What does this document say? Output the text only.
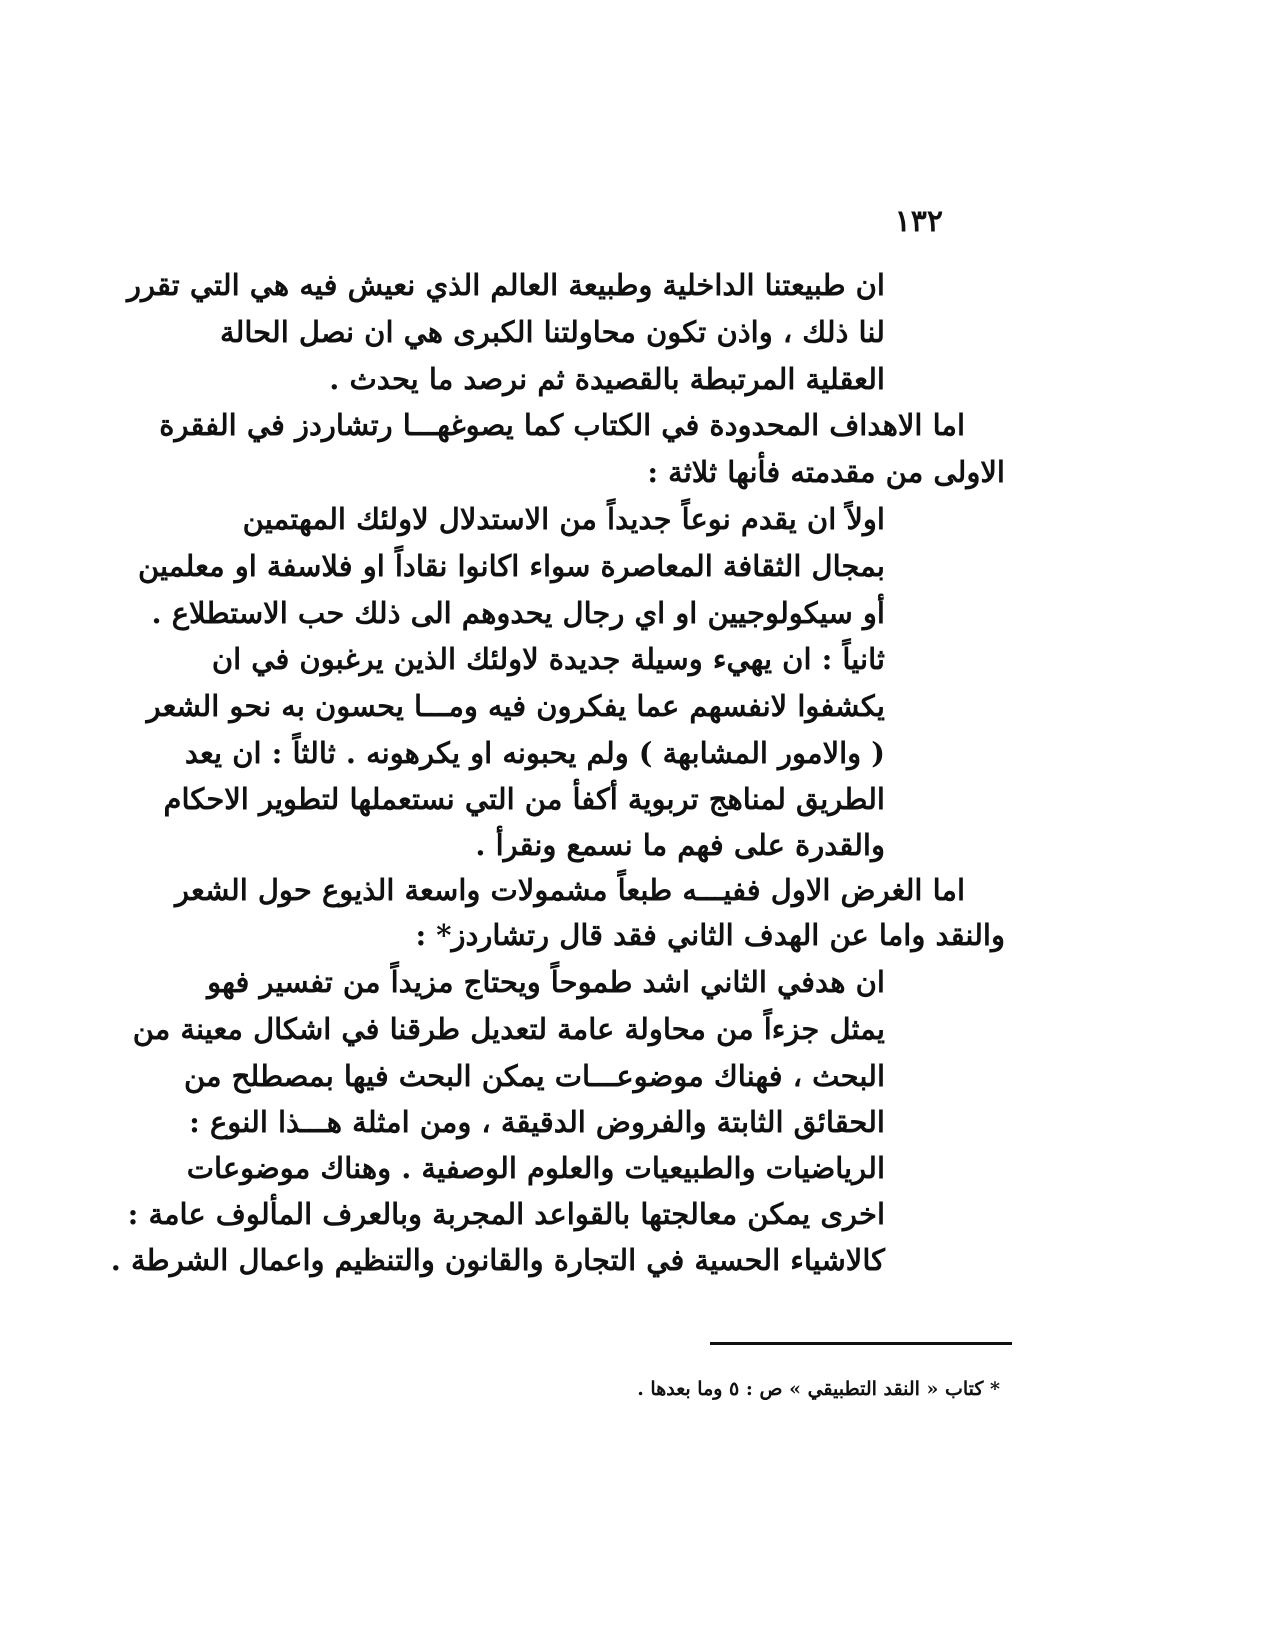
١٣٢
ان طبيعتنا الداخلية وطبيعة العالم الذي نعيش فيه هي التي تقرر
لنا ذلك ، واذن تكون محاولتنا الكبرى هي ان نصل الحالة
العقلية المرتبطة بالقصيدة ثم نرصد ما يحدث .
اما الاهداف المحدودة في الكتاب كما يصوغهـــا رتشاردز في الفقرة
الاولى من مقدمته فأنها ثلاثة :
اولاً ان يقدم نوعاً جديداً من الاستدلال لاولئك المهتمين
بمجال الثقافة المعاصرة سواء اكانوا نقاداً او فلاسفة او معلمين
أو سيكولوجيين او اي رجال يحدوهم الى ذلك حب الاستطلاع .
ثانياً : ان يهيء وسيلة جديدة لاولئك الذين يرغبون في ان
يكشفوا لانفسهم عما يفكرون فيه ومـــا يحسون به نحو الشعر
( والامور المشابهة ) ولم يحبونه او يكرهونه . ثالثاً : ان يعد
الطريق لمناهج تربوية أكفأ من التي نستعملها لتطوير الاحكام
والقدرة على فهم ما نسمع ونقرأ .
اما الغرض الاول ففيـــه طبعاً مشمولات واسعة الذيوع حول الشعر
والنقد واما عن الهدف الثاني فقد قال رتشاردز* :
ان هدفي الثاني اشد طموحاً ويحتاج مزيداً من تفسير فهو
يمثل جزءاً من محاولة عامة لتعديل طرقنا في اشكال معينة من
البحث ، فهناك موضوعـــات يمكن البحث فيها بمصطلح من
الحقائق الثابتة والفروض الدقيقة ، ومن امثلة هـــذا النوع :
الرياضيات والطبيعيات والعلوم الوصفية . وهناك موضوعات
اخرى يمكن معالجتها بالقواعد المجربة وبالعرف المألوف عامة :
كالاشياء الحسية في التجارة والقانون والتنظيم واعمال الشرطة .
* كتاب « النقد التطبيقي » ص : ٥ وما بعدها .
